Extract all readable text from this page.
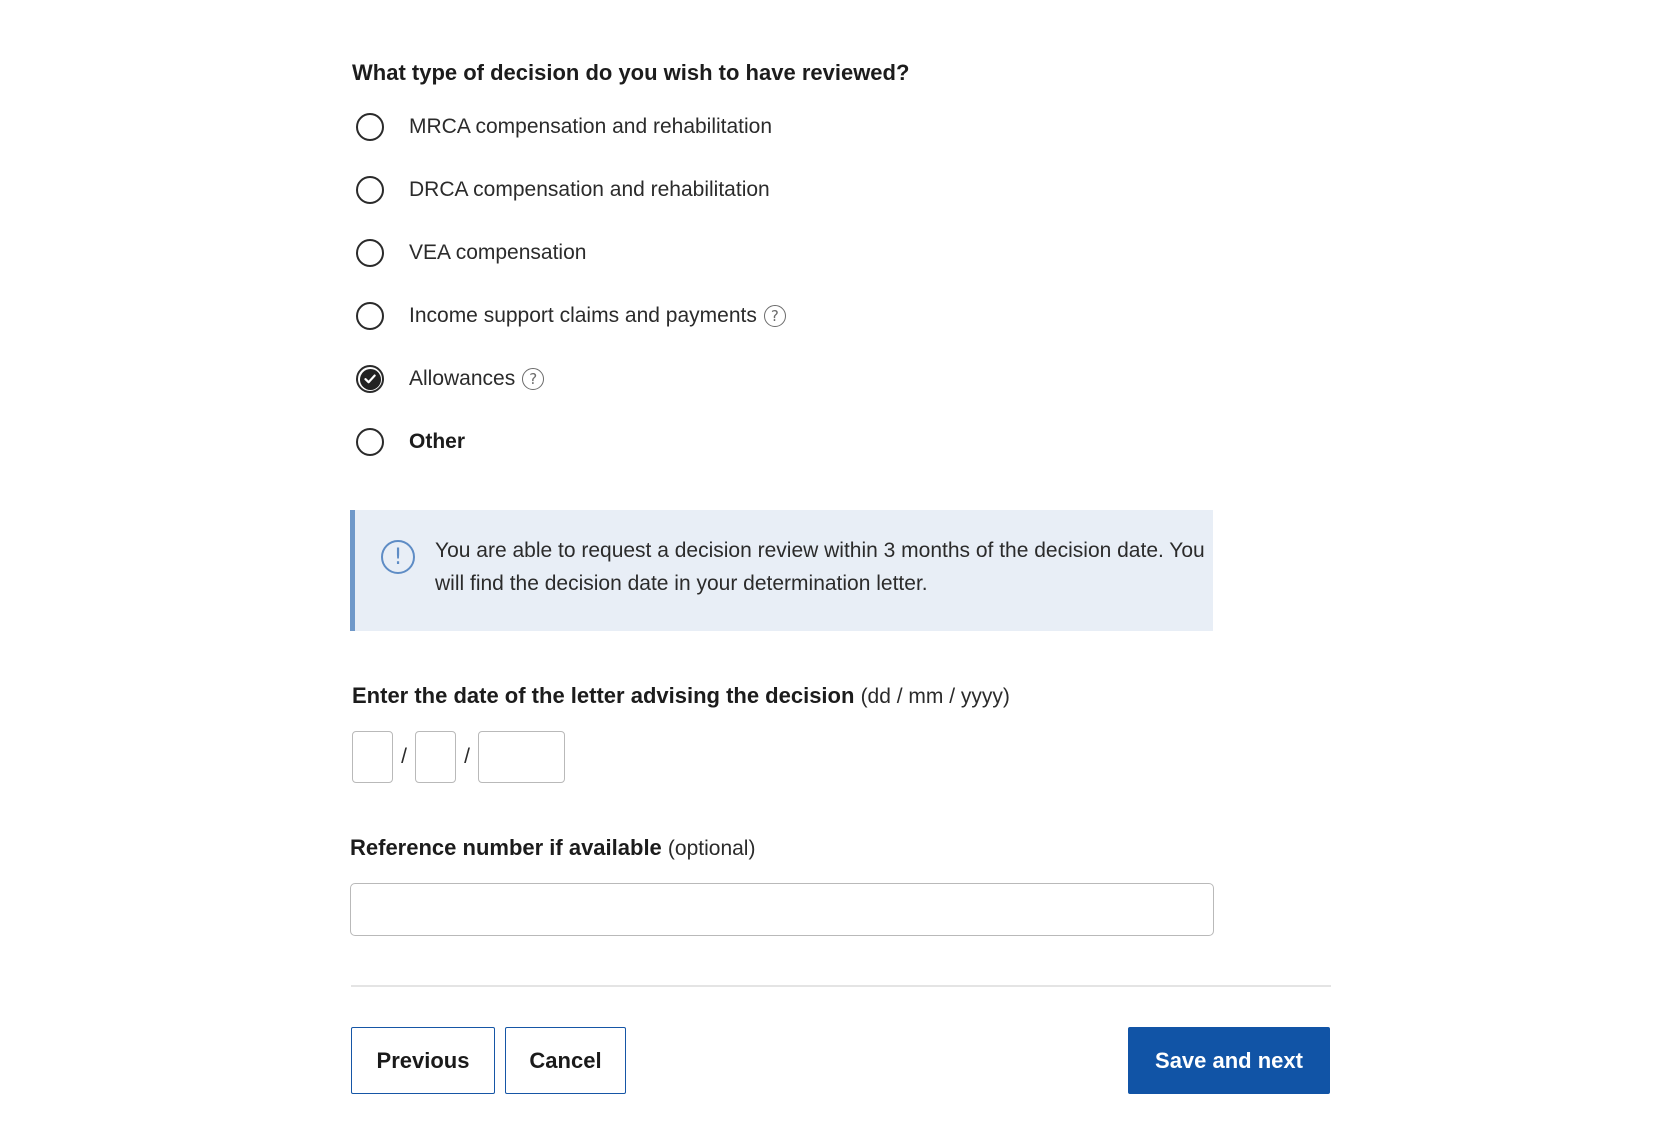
What type of decision do you wish to have reviewed?
MRCA compensation and rehabilitation
DRCA compensation and rehabilitation
VEA compensation
Income support claims and payments ?
Allowances ?
Other
!	You are able to request a decision review within 3 months of the decision date. You will find the decision date in your determination letter.

Enter the date of the letter advising the decision (dd / mm / yyyy)

/	/

Reference number if available (optional)

Previous	Cancel	Save and next
